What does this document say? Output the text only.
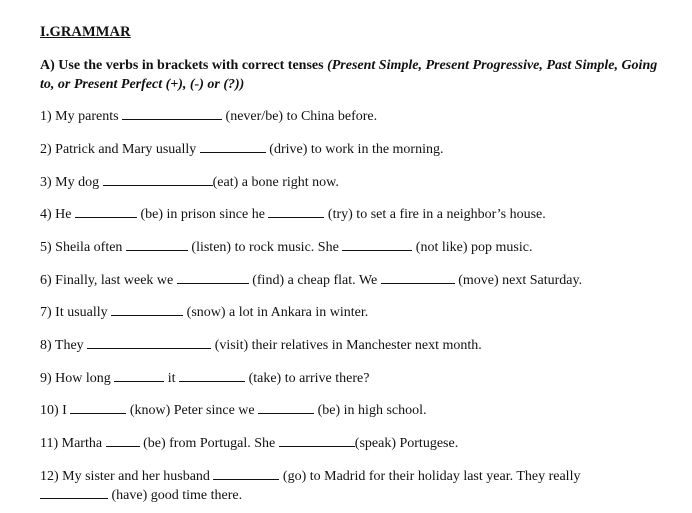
I.GRAMMAR
A) Use the verbs in brackets with correct tenses (Present Simple, Present Progressive, Past Simple, Going to, or Present Perfect (+), (-) or (?))
1) My parents	(never/be) to China before.
2) Patrick and Mary usually	(drive) to work in the morning.
3) My dog	(eat) a bone right now.
4) He	(be) in prison since he	(try) to set a fire in a neighbor’s house.
5) Sheila often	(listen) to rock music. She	(not like) pop music.
6) Finally, last week we	(find) a cheap flat. We	(move) next Saturday.
7) It usually	(snow) a lot in Ankara in winter.
8) They	(visit) their relatives in Manchester next month.
9) How long	it	(take) to arrive there?
10) I	(know) Peter since we	(be) in high school.
11) Martha  (be) from Portugal. She	(speak) Portugese.
12) My sister and her husband	(go) to Madrid for their holiday last year. They really
(have) good time there.
